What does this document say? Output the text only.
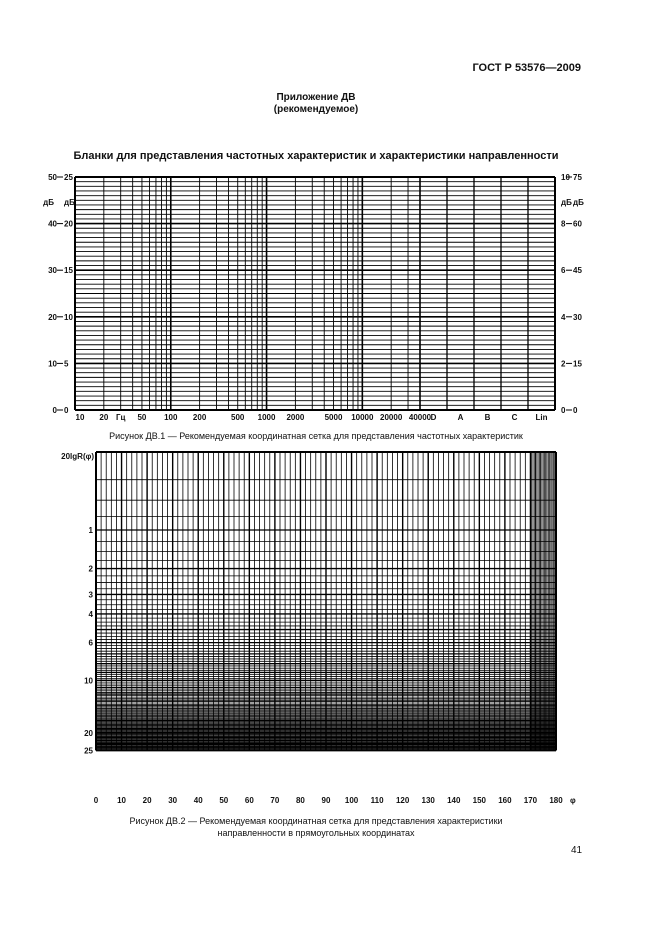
ГОСТ Р 53576—2009
Приложение ДВ
(рекомендуемое)
Бланки для представления частотных характеристик и характеристики направленности
50 25	10 75
40 20	8 60
30 15	6 45
20 10	4 30
10 5	2 15
0 0	0 0
дБ дБ	дБ дБ
10 20 Гц 50 100 200	500 1000 2000	5000 10000 20000 40000 D	A	B	C Lin
20lgR(φ)
1
2
3
4
6
10
20
25
0 10 20 30 40 50 60 70 80 90 100 110 120 130 140 150 160 170 180 φ
Рисунок ДВ.1 — Рекомендуемая координатная сетка для представления частотных характеристик
Рисунок ДВ.2 — Рекомендуемая координатная сетка для представления характеристики
направленности в прямоугольных координатах
41
